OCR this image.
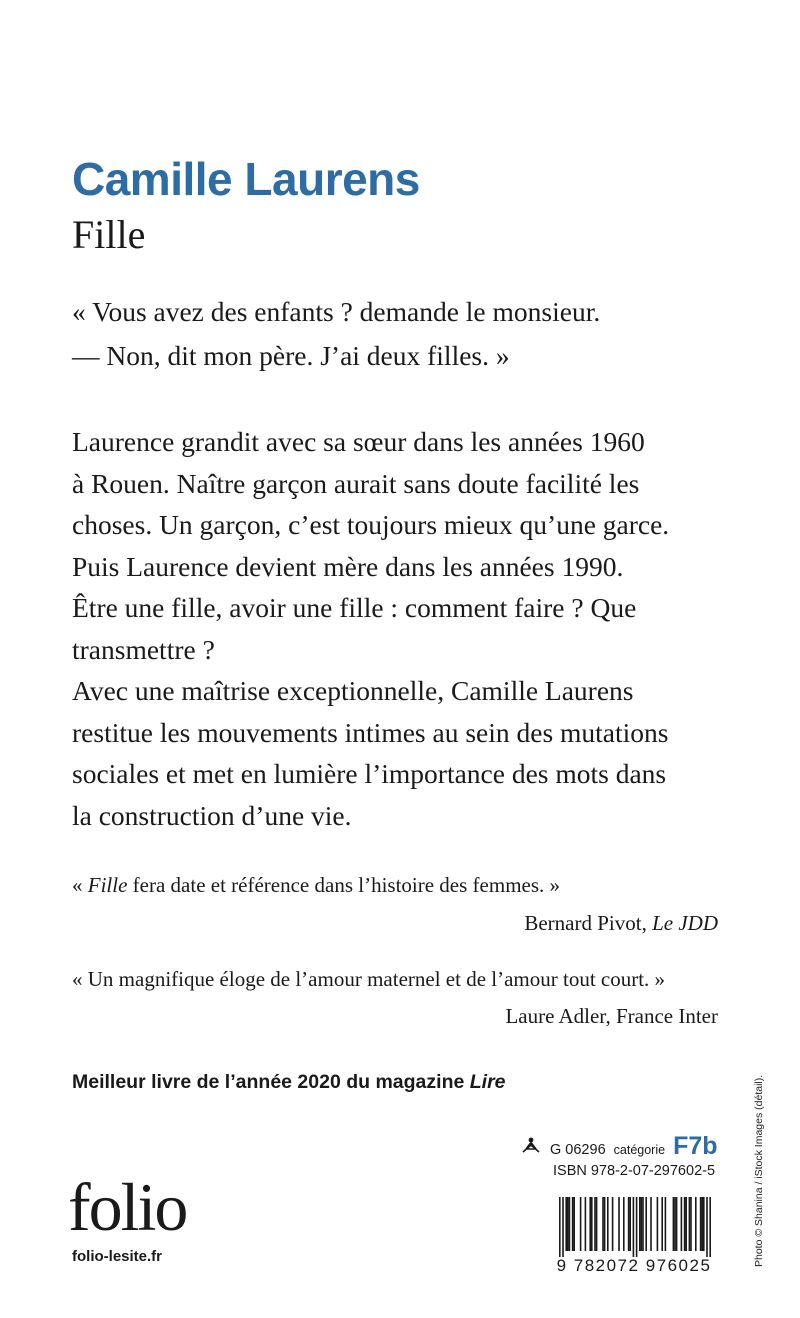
Camille Laurens
Fille
« Vous avez des enfants ? demande le monsieur.
— Non, dit mon père. J’ai deux filles. »
Laurence grandit avec sa sœur dans les années 1960
à Rouen. Naître garçon aurait sans doute facilité les
choses. Un garçon, c’est toujours mieux qu’une garce.
Puis Laurence devient mère dans les années 1990.
Être une fille, avoir une fille : comment faire ? Que
transmettre ?
Avec une maîtrise exceptionnelle, Camille Laurens
restitue les mouvements intimes au sein des mutations
sociales et met en lumière l’importance des mots dans
la construction d’une vie.
« Fille fera date et référence dans l’histoire des femmes. »
Bernard Pivot, Le JDD
« Un magnifique éloge de l’amour maternel et de l’amour tout court. »
Laure Adler, France Inter
Meilleur livre de l’année 2020 du magazine Lire
G 06296 catégorie F7b
ISBN 978-2-07-297602-5
folio
folio-lesite.fr	9 782072 976025	Photo © Shanina / iStock Images (détail).
